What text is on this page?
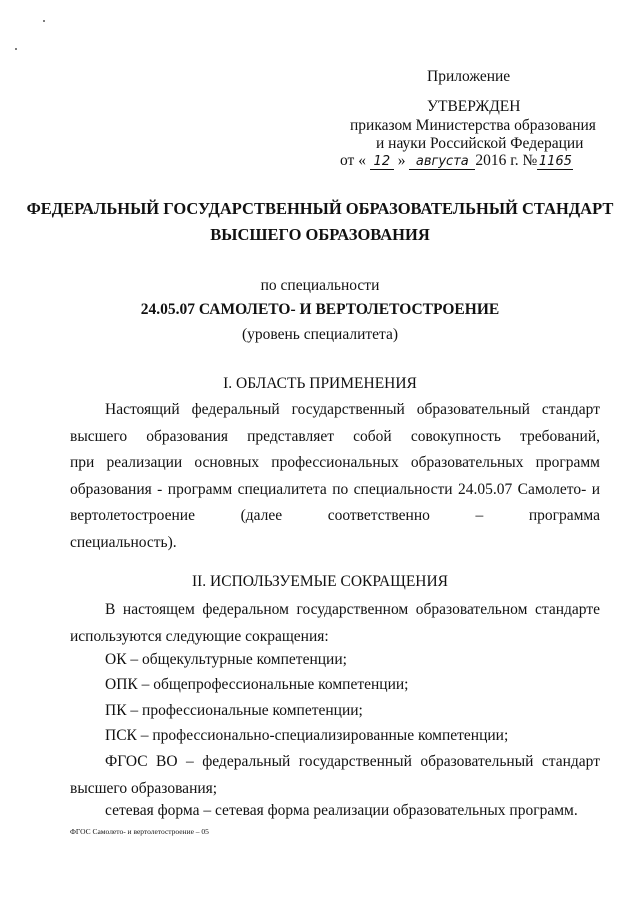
Приложение
УТВЕРЖДЕН
приказом Министерства образования
и науки Российской Федерации
от « 12 » августа 2016 г. №1165
ФЕДЕРАЛЬНЫЙ ГОСУДАРСТВЕННЫЙ ОБРАЗОВАТЕЛЬНЫЙ СТАНДАРТ
ВЫСШЕГО ОБРАЗОВАНИЯ
по специальности
24.05.07 САМОЛЕТО- И ВЕРТОЛЕТОСТРОЕНИЕ
(уровень специалитета)
I. ОБЛАСТЬ ПРИМЕНЕНИЯ
Настоящий федеральный государственный образовательный стандарт
высшего образования представляет собой совокупность требований,
при реализации основных профессиональных образовательных программ
образования - программ специалитета по специальности 24.05.07 Самолето- и
вертолетостроение (далее соответственно – программа
специальность).
II. ИСПОЛЬЗУЕМЫЕ СОКРАЩЕНИЯ
В настоящем федеральном государственном образовательном стандарте
используются следующие сокращения:
ОК – общекультурные компетенции;
ОПК – общепрофессиональные компетенции;
ПК – профессиональные компетенции;
ПСК – профессионально-специализированные компетенции;
ФГОС ВО – федеральный государственный образовательный стандарт
высшего образования;
сетевая форма – сетевая форма реализации образовательных программ.
ФГОС Самолето- и вертолетостроение – 05
